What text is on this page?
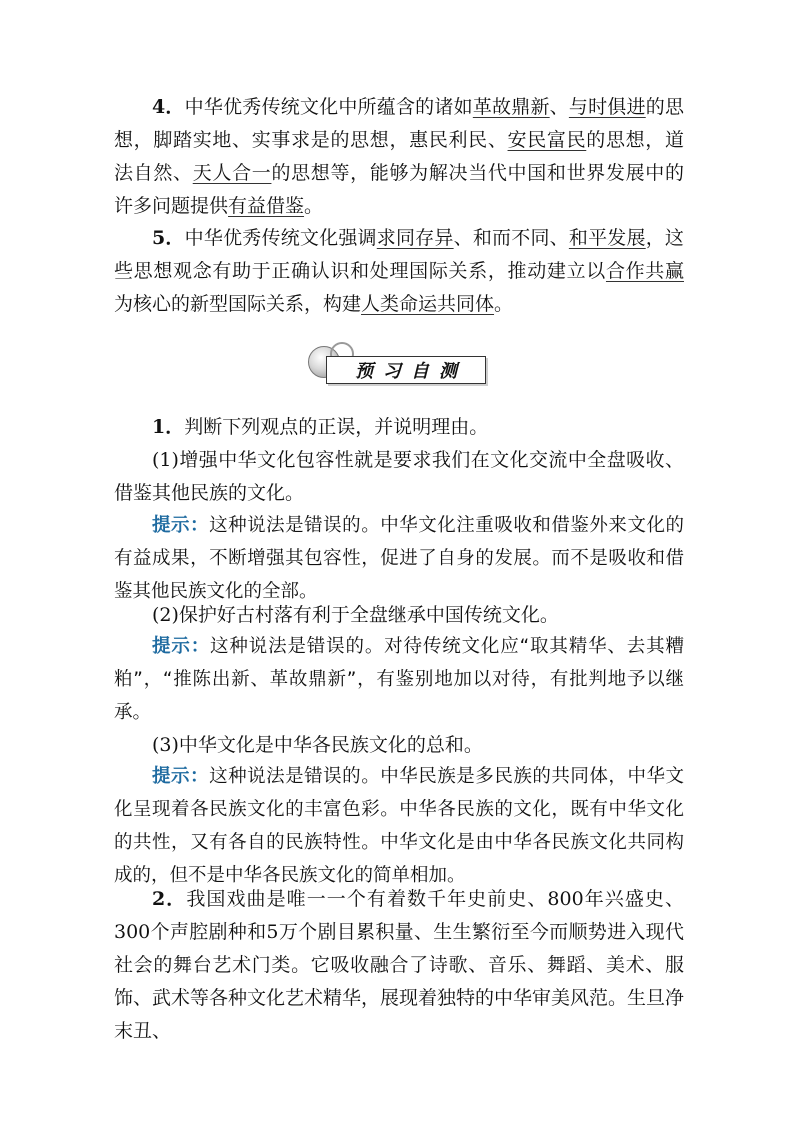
4．中华优秀传统文化中所蕴含的诸如革故鼎新、与时俱进的思想，脚踏实地、实事求是的思想，惠民利民、安民富民的思想，道法自然、天人合一的思想等，能够为解决当代中国和世界发展中的许多问题提供有益借鉴。

5．中华优秀传统文化强调求同存异、和而不同、和平发展，这些思想观念有助于正确认识和处理国际关系，推动建立以合作共赢为核心的新型国际关系，构建人类命运共同体。

预习自测

1．判断下列观点的正误，并说明理由。

(1)增强中华文化包容性就是要求我们在文化交流中全盘吸收、借鉴其他民族的文化。

提示：这种说法是错误的。中华文化注重吸收和借鉴外来文化的有益成果，不断增强其包容性，促进了自身的发展。而不是吸收和借鉴其他民族文化的全部。

(2)保护好古村落有利于全盘继承中国传统文化。

提示：这种说法是错误的。对待传统文化应“取其精华、去其糟粕”，“推陈出新、革故鼎新”，有鉴别地加以对待，有批判地予以继承。

(3)中华文化是中华各民族文化的总和。

提示：这种说法是错误的。中华民族是多民族的共同体，中华文化呈现着各民族文化的丰富色彩。中华各民族的文化，既有中华文化的共性，又有各自的民族特性。中华文化是由中华各民族文化共同构成的，但不是中华各民族文化的简单相加。

2．我国戏曲是唯一一个有着数千年史前史、800年兴盛史、300个声腔剧种和5万个剧目累积量、生生繁衍至今而顺势进入现代社会的舞台艺术门类。它吸收融合了诗歌、音乐、舞蹈、美术、服饰、武术等各种文化艺术精华，展现着独特的中华审美风范。生旦净末丑、
